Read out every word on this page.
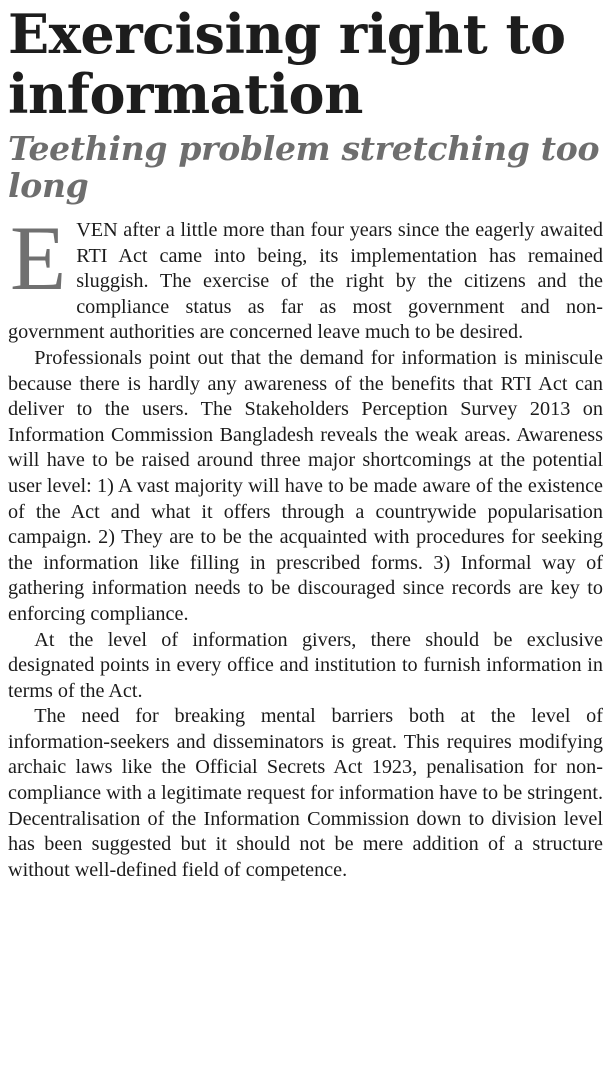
Exercising right to information
Teething problem stretching too long

EVEN after a little more than four years since the eagerly awaited RTI Act came into being, its implementation has remained sluggish. The exercise of the right by the citizens and the compliance status as far as most government and non-government authorities are concerned leave much to be desired.

Professionals point out that the demand for information is miniscule because there is hardly any awareness of the benefits that RTI Act can deliver to the users. The Stakeholders Perception Survey 2013 on Information Commission Bangladesh reveals the weak areas. Awareness will have to be raised around three major shortcomings at the potential user level: 1) A vast majority will have to be made aware of the existence of the Act and what it offers through a countrywide popularisation campaign. 2) They are to be the acquainted with procedures for seeking the information like filling in prescribed forms. 3) Informal way of gathering information needs to be discouraged since records are key to enforcing compliance.

At the level of information givers, there should be exclusive designated points in every office and institution to furnish information in terms of the Act.

The need for breaking mental barriers both at the level of information-seekers and disseminators is great. This requires modifying archaic laws like the Official Secrets Act 1923, penalisation for non-compliance with a legitimate request for information have to be stringent. Decentralisation of the Information Commission down to division level has been suggested but it should not be mere addition of a structure without well-defined field of competence.
